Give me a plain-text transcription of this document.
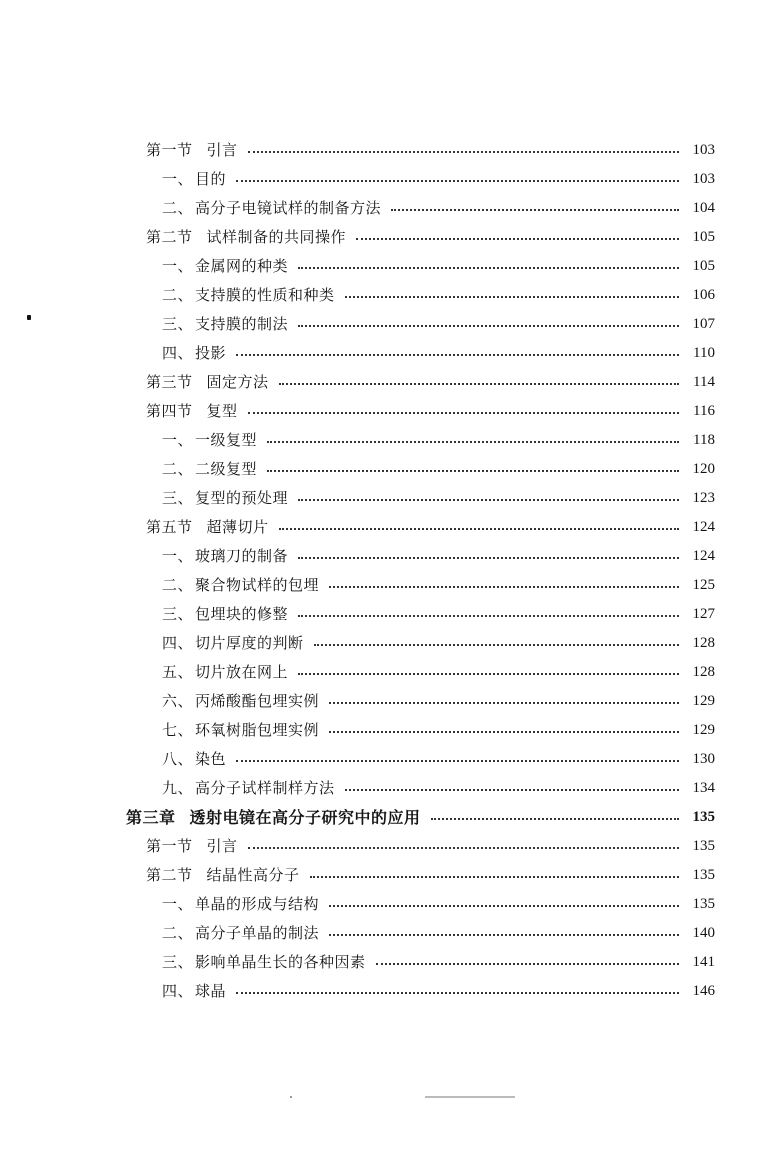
第一节 引言	103
一、 目的	103
二、 高分子电镜试样的制备方法	104
第二节 试样制备的共同操作	105
一、 金属网的种类	105
二、 支持膜的性质和种类	106
三、 支持膜的制法	107
四、 投影	110
第三节 固定方法	114
第四节 复型	116
一、 一级复型	118
二、 二级复型	120
三、 复型的预处理	123
第五节 超薄切片	124
一、 玻璃刀的制备	124
二、 聚合物试样的包埋	125
三、 包埋块的修整	127
四、 切片厚度的判断	128
五、 切片放在网上	128
六、 丙烯酸酯包埋实例	129
七、 环氧树脂包埋实例	129
八、 染色	130
九、 高分子试样制样方法	134
第三章 透射电镜在高分子研究中的应用	135
第一节 引言	135
第二节 结晶性高分子	135
一、 单晶的形成与结构	135
二、 高分子单晶的制法	140
三、 影响单晶生长的各种因素	141
四、 球晶	146
